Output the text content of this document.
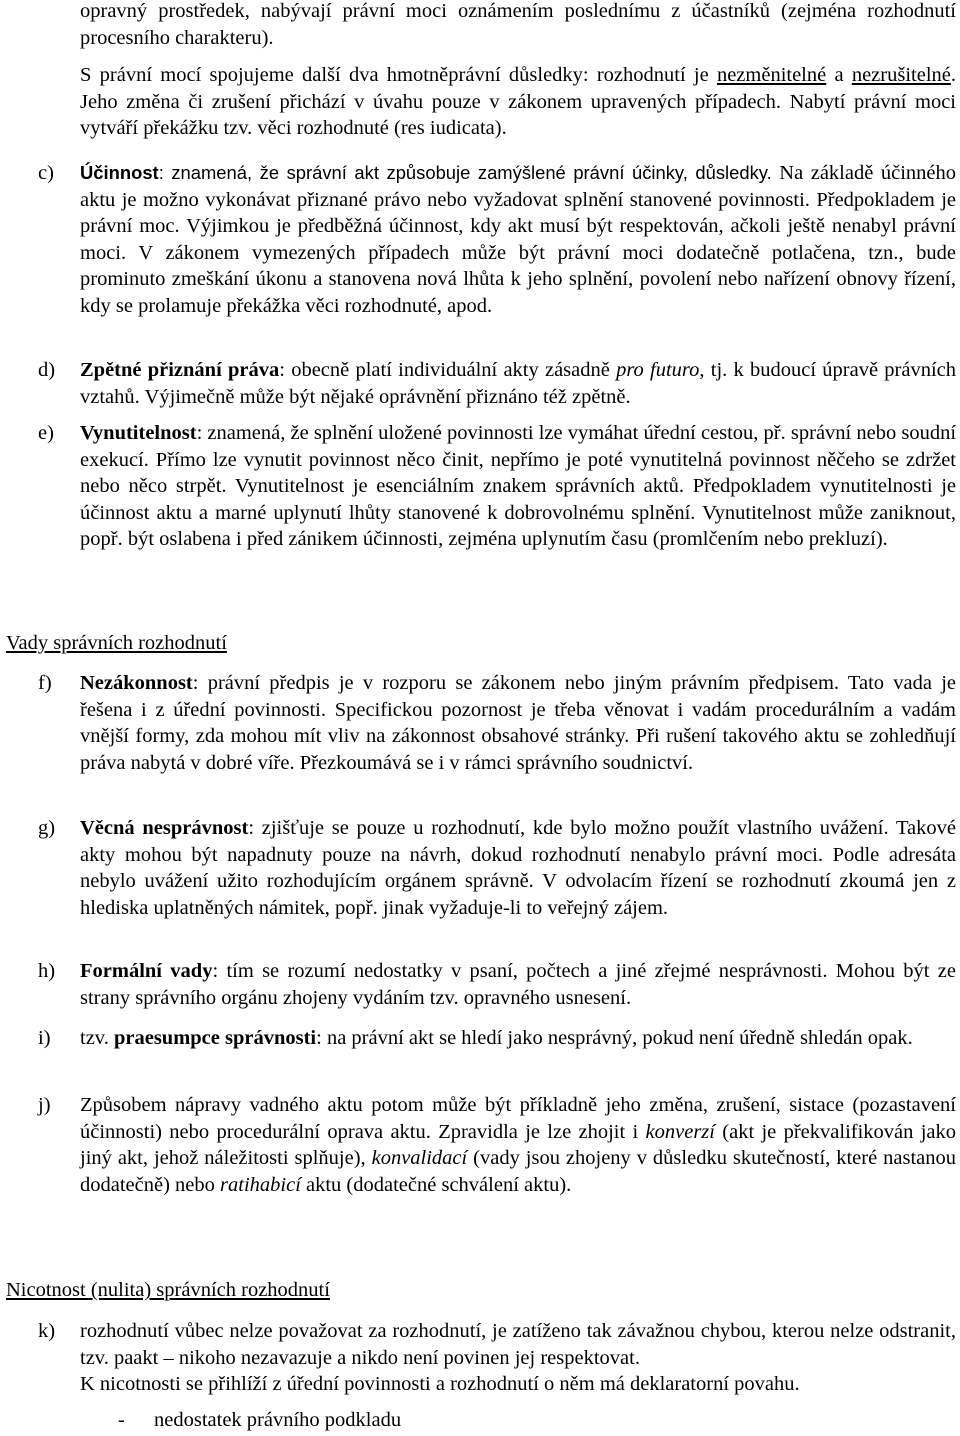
opravný prostředek, nabývají právní moci oznámením poslednímu z účastníků (zejména rozhodnutí procesního charakteru).

S právní mocí spojujeme další dva hmotněprávní důsledky: rozhodnutí je nezměnitelné a nezrušitelné. Jeho změna či zrušení přichází v úvahu pouze v zákonem upravených případech. Nabytí právní moci vytváří překážku tzv. věci rozhodnuté (res iudicata).

c)	Účinnost: znamená, že správní akt způsobuje zamýšlené právní účinky, důsledky. Na základě účinného aktu je možno vykonávat přiznané právo nebo vyžadovat splnění stanovené povinnosti. Předpokladem je právní moc. Výjimkou je předběžná účinnost, kdy akt musí být respektován, ačkoli ještě nenabyl právní moci. V zákonem vymezených případech může být právní moci dodatečně potlačena, tzn., bude prominuto zmeškání úkonu a stanovena nová lhůta k jeho splnění, povolení nebo nařízení obnovy řízení, kdy se prolamuje překážka věci rozhodnuté, apod.

d)	Zpětné přiznání práva: obecně platí individuální akty zásadně pro futuro, tj. k budoucí úpravě právních vztahů. Výjimečně může být nějaké oprávnění přiznáno též zpětně.

e)	Vynutitelnost: znamená, že splnění uložené povinnosti lze vymáhat úřední cestou, př. správní nebo soudní exekucí. Přímo lze vynutit povinnost něco činit, nepřímo je poté vynutitelná povinnost něčeho se zdržet nebo něco strpět. Vynutitelnost je esenciálním znakem správních aktů. Předpokladem vynutitelnosti je účinnost aktu a marné uplynutí lhůty stanovené k dobrovolnému splnění. Vynutitelnost může zaniknout, popř. být oslabena i před zánikem účinnosti, zejména uplynutím času (promlčením nebo prekluzí).

Vady správních rozhodnutí
f)	Nezákonnost: právní předpis je v rozporu se zákonem nebo jiným právním předpisem. Tato vada je řešena i z úřední povinnosti. Specifickou pozornost je třeba věnovat i vadám procedurálním a vadám vnější formy, zda mohou mít vliv na zákonnost obsahové stránky. Při rušení takového aktu se zohledňují práva nabytá v dobré víře. Přezkoumává se i v rámci správního soudnictví.

g)	Věcná nesprávnost: zjišťuje se pouze u rozhodnutí, kde bylo možno použít vlastního uvážení. Takové akty mohou být napadnuty pouze na návrh, dokud rozhodnutí nenabylo právní moci. Podle adresáta nebylo uvážení užito rozhodujícím orgánem správně. V odvolacím řízení se rozhodnutí zkoumá jen z hlediska uplatněných námitek, popř. jinak vyžaduje-li to veřejný zájem.

h)	Formální vady: tím se rozumí nedostatky v psaní, počtech a jiné zřejmé nesprávnosti. Mohou být ze strany správního orgánu zhojeny vydáním tzv. opravného usnesení.

i)	tzv. praesumpce správnosti: na právní akt se hledí jako nesprávný, pokud není úředně shledán opak.

j)	Způsobem nápravy vadného aktu potom může být příkladně jeho změna, zrušení, sistace (pozastavení účinnosti) nebo procedurální oprava aktu. Zpravidla je lze zhojit i konverzí (akt je překvalifikován jako jiný akt, jehož náležitosti splňuje), konvalidací (vady jsou zhojeny v důsledku skutečností, které nastanou dodatečně) nebo ratihabicí aktu (dodatečné schválení aktu).

Nicotnost (nulita) správních rozhodnutí
k)	rozhodnutí vůbec nelze považovat za rozhodnutí, je zatíženo tak závažnou chybou, kterou nelze odstranit, tzv. paakt – nikoho nezavazuje a nikdo není povinen jej respektovat.

K nicotnosti se přihlíží z úřední povinnosti a rozhodnutí o něm má deklaratorní povahu.

- nedostatek právního podkladu
